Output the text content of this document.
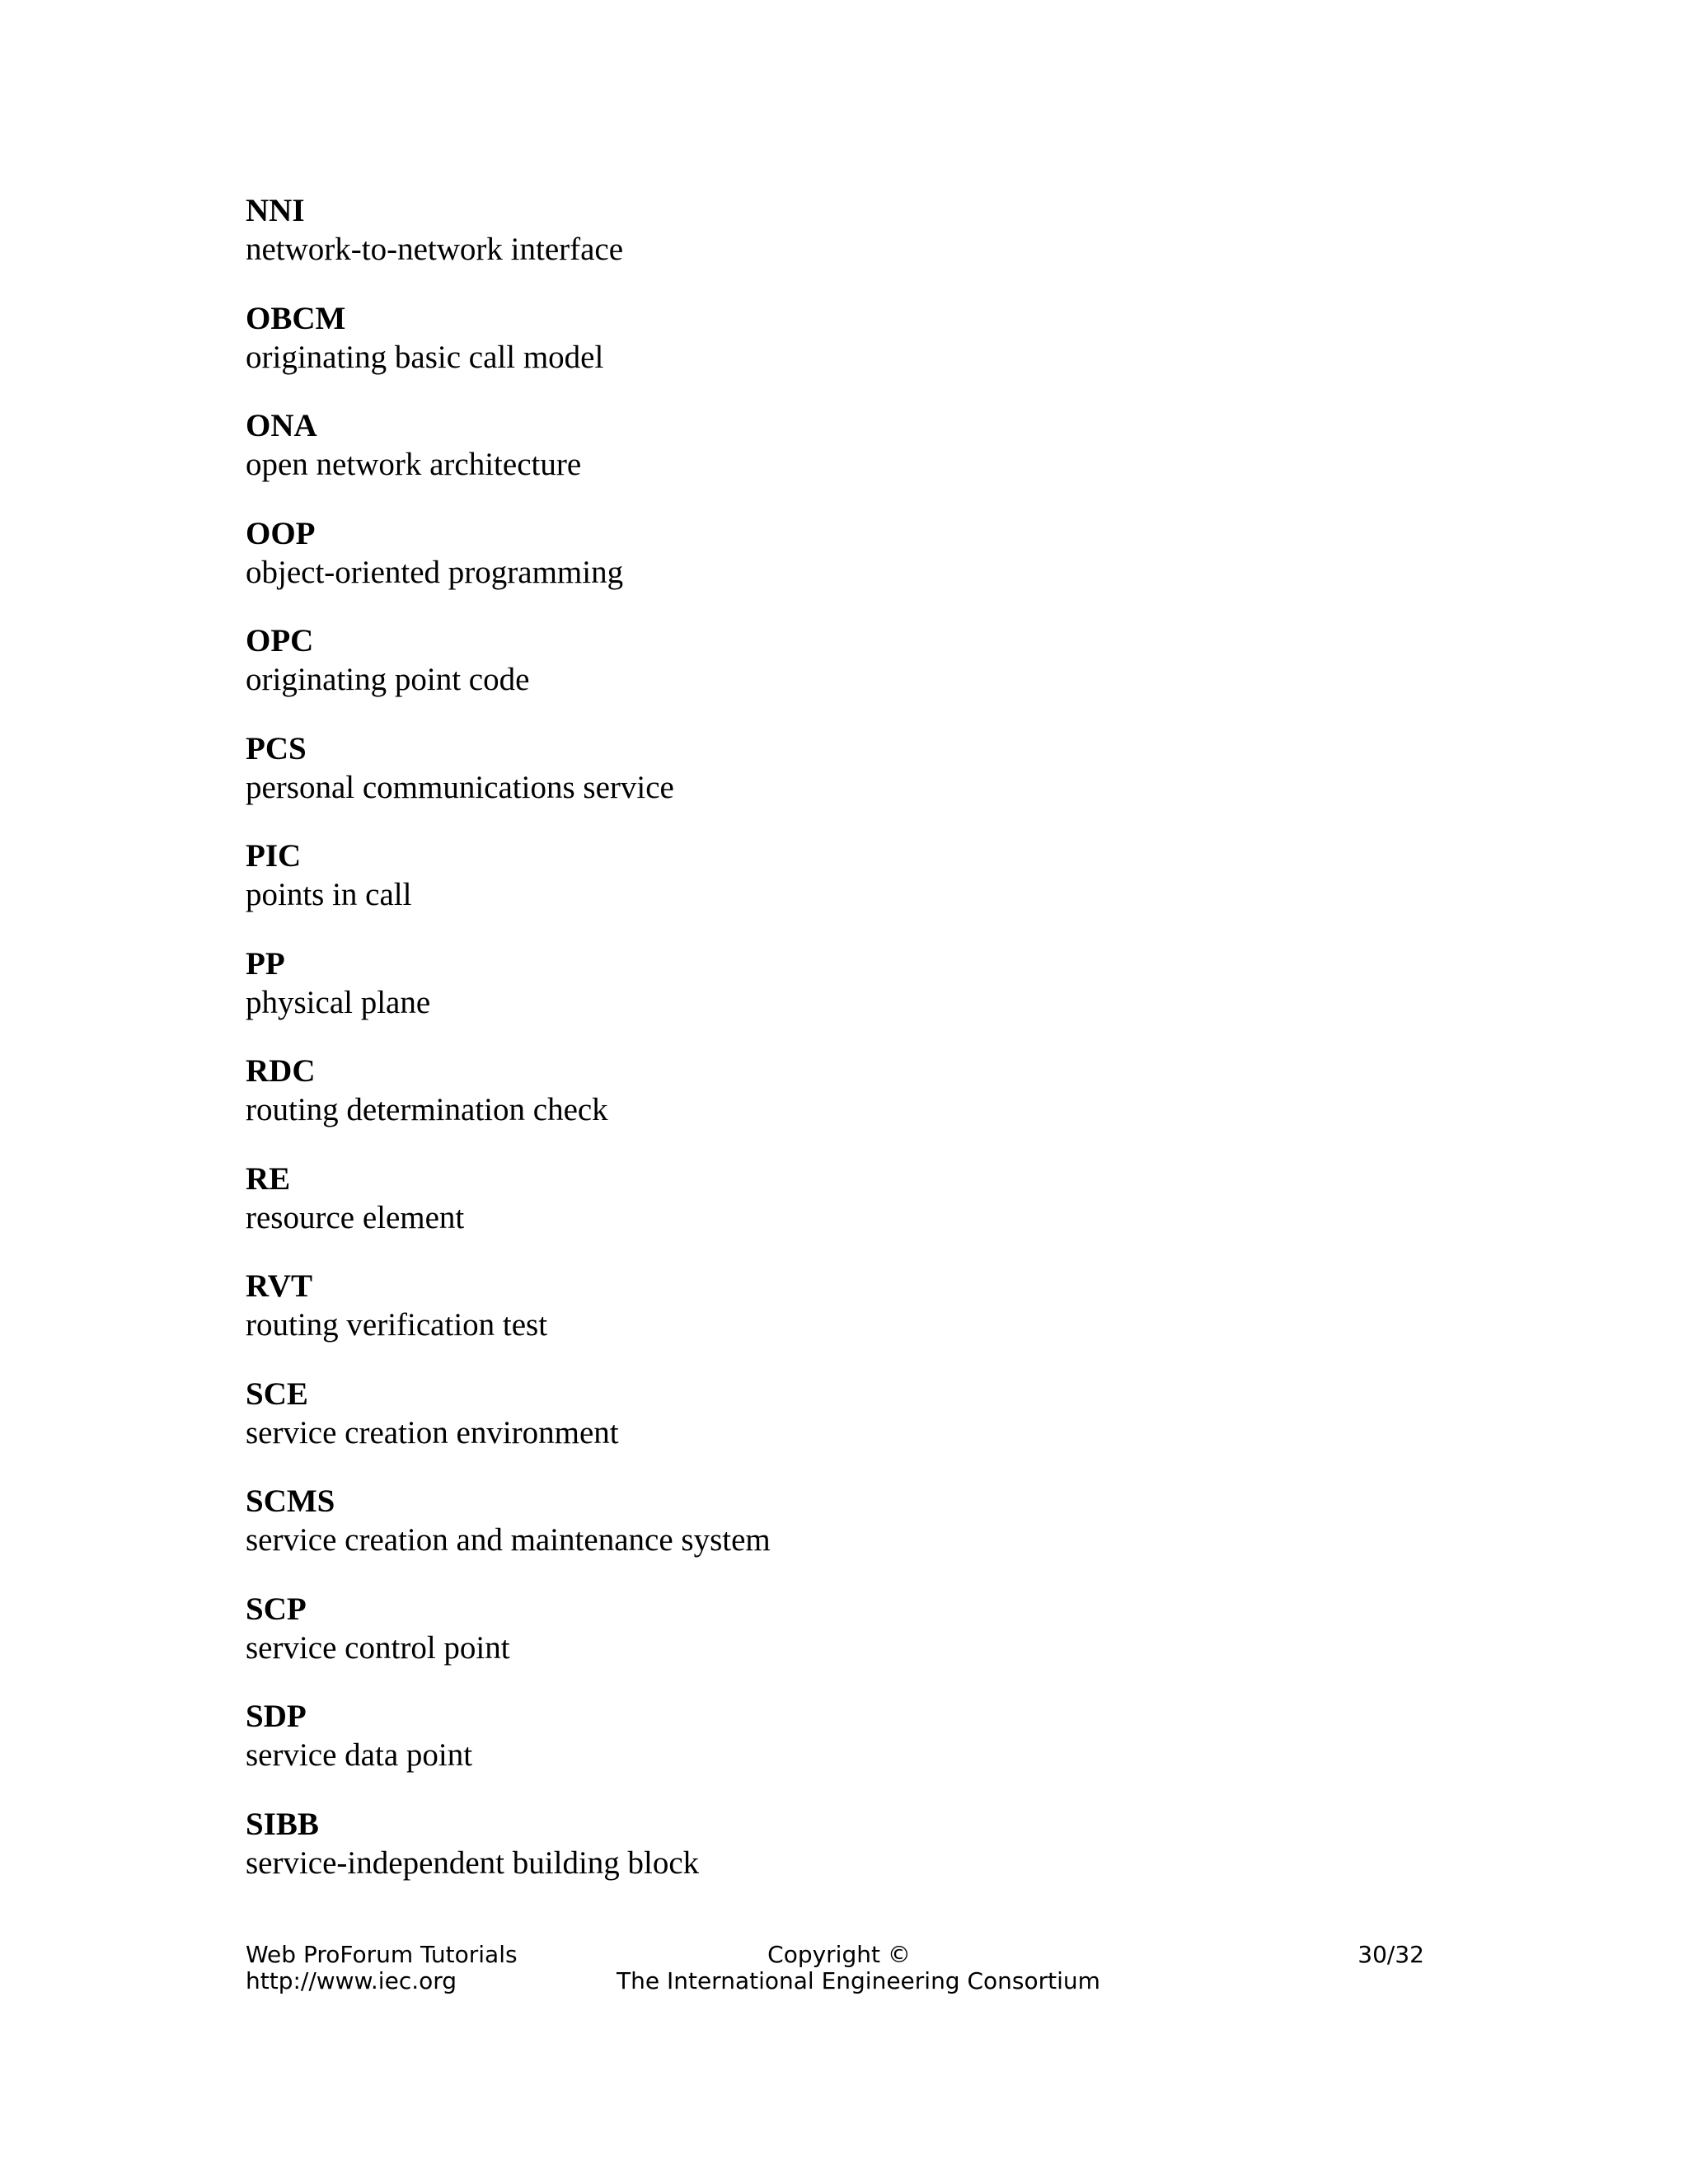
NNI
network-to-network interface
OBCM
originating basic call model
ONA
open network architecture
OOP
object-oriented programming
OPC
originating point code
PCS
personal communications service
PIC
points in call
PP
physical plane
RDC
routing determination check
RE
resource element
RVT
routing verification test
SCE
service creation environment
SCMS
service creation and maintenance system
SCP
service control point
SDP
service data point
SIBB
service-independent building block
Web ProForum Tutorials
http://www.iec.org
Copyright ©
The International Engineering Consortium
30/32
